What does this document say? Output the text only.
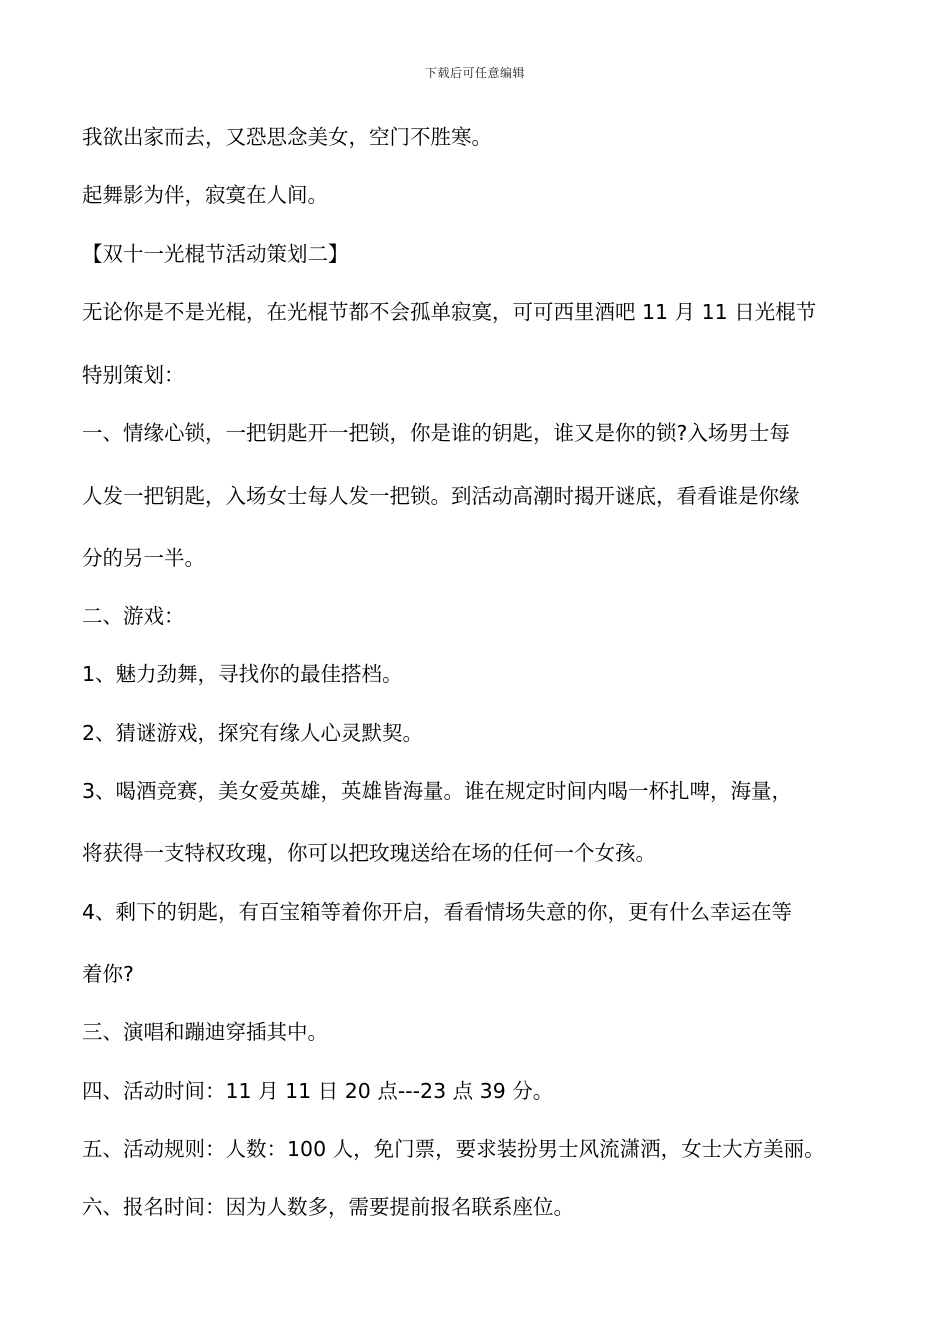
下载后可任意编辑
我欲出家而去，又恐思念美女，空门不胜寒。
起舞影为伴，寂寞在人间。
【双十一光棍节活动策划二】
无论你是不是光棍，在光棍节都不会孤单寂寞，可可西里酒吧 11 月 11 日光棍节
特别策划：
一、情缘心锁，一把钥匙开一把锁，你是谁的钥匙，谁又是你的锁?入场男士每
人发一把钥匙，入场女士每人发一把锁。到活动高潮时揭开谜底，看看谁是你缘
分的另一半。
二、游戏：
1、魅力劲舞，寻找你的最佳搭档。
2、猜谜游戏，探究有缘人心灵默契。
3、喝酒竞赛，美女爱英雄，英雄皆海量。谁在规定时间内喝一杯扎啤，海量，
将获得一支特权玫瑰，你可以把玫瑰送给在场的任何一个女孩。
4、剩下的钥匙，有百宝箱等着你开启，看看情场失意的你，更有什么幸运在等
着你?
三、演唱和蹦迪穿插其中。
四、活动时间：11 月 11 日 20 点---23 点 39 分。
五、活动规则：人数：100 人，免门票，要求装扮男士风流潇洒，女士大方美丽。
六、报名时间：因为人数多，需要提前报名联系座位。
